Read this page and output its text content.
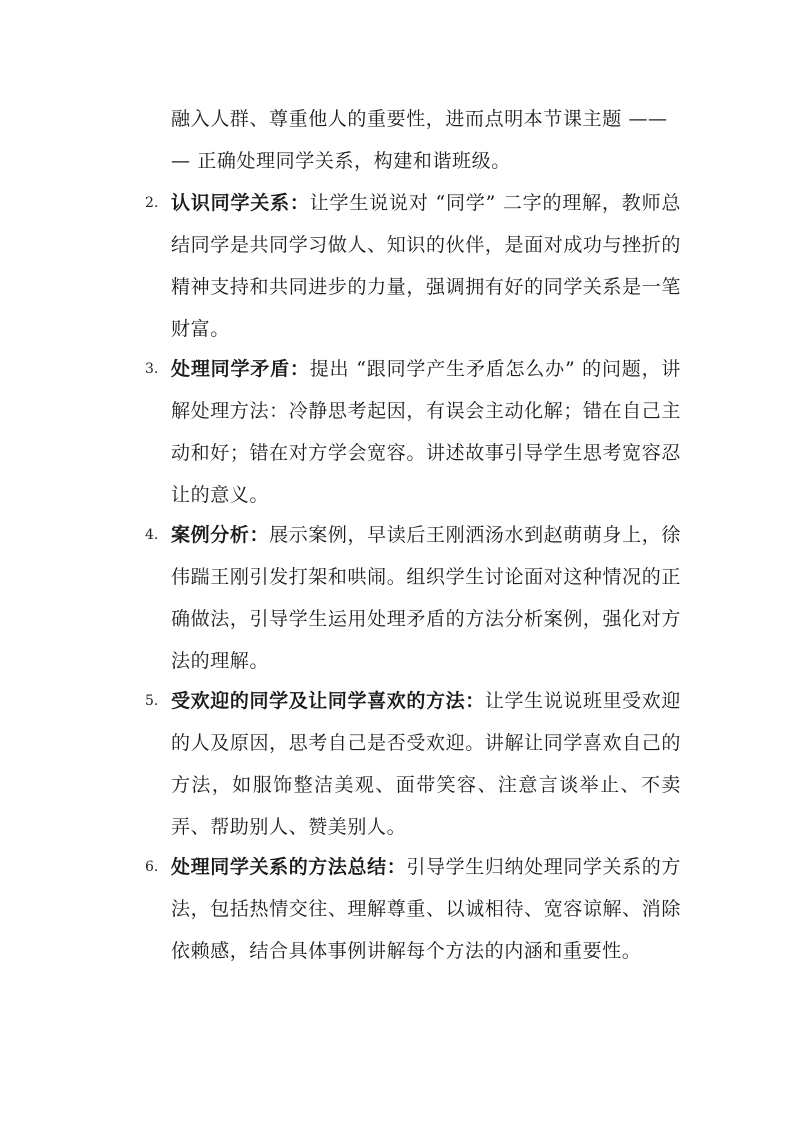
融入人群、尊重他人的重要性，进而点明本节课主题 ——
— 正确处理同学关系，构建和谐班级。

2. 认识同学关系：让学生说说对 “同学” 二字的理解，教师总结同学是共同学习做人、知识的伙伴，是面对成功与挫折的精神支持和共同进步的力量，强调拥有好的同学关系是一笔财富。
3. 处理同学矛盾：提出 “跟同学产生矛盾怎么办” 的问题，讲解处理方法：冷静思考起因，有误会主动化解；错在自己主动和好；错在对方学会宽容。讲述故事引导学生思考宽容忍让的意义。
4. 案例分析：展示案例，早读后王刚洒汤水到赵萌萌身上，徐伟踹王刚引发打架和哄闹。组织学生讨论面对这种情况的正确做法，引导学生运用处理矛盾的方法分析案例，强化对方法的理解。
5. 受欢迎的同学及让同学喜欢的方法：让学生说说班里受欢迎的人及原因，思考自己是否受欢迎。讲解让同学喜欢自己的方法，如服饰整洁美观、面带笑容、注意言谈举止、不卖弄、帮助别人、赞美别人。
6. 处理同学关系的方法总结：引导学生归纳处理同学关系的方法，包括热情交往、理解尊重、以诚相待、宽容谅解、消除依赖感，结合具体事例讲解每个方法的内涵和重要性。
